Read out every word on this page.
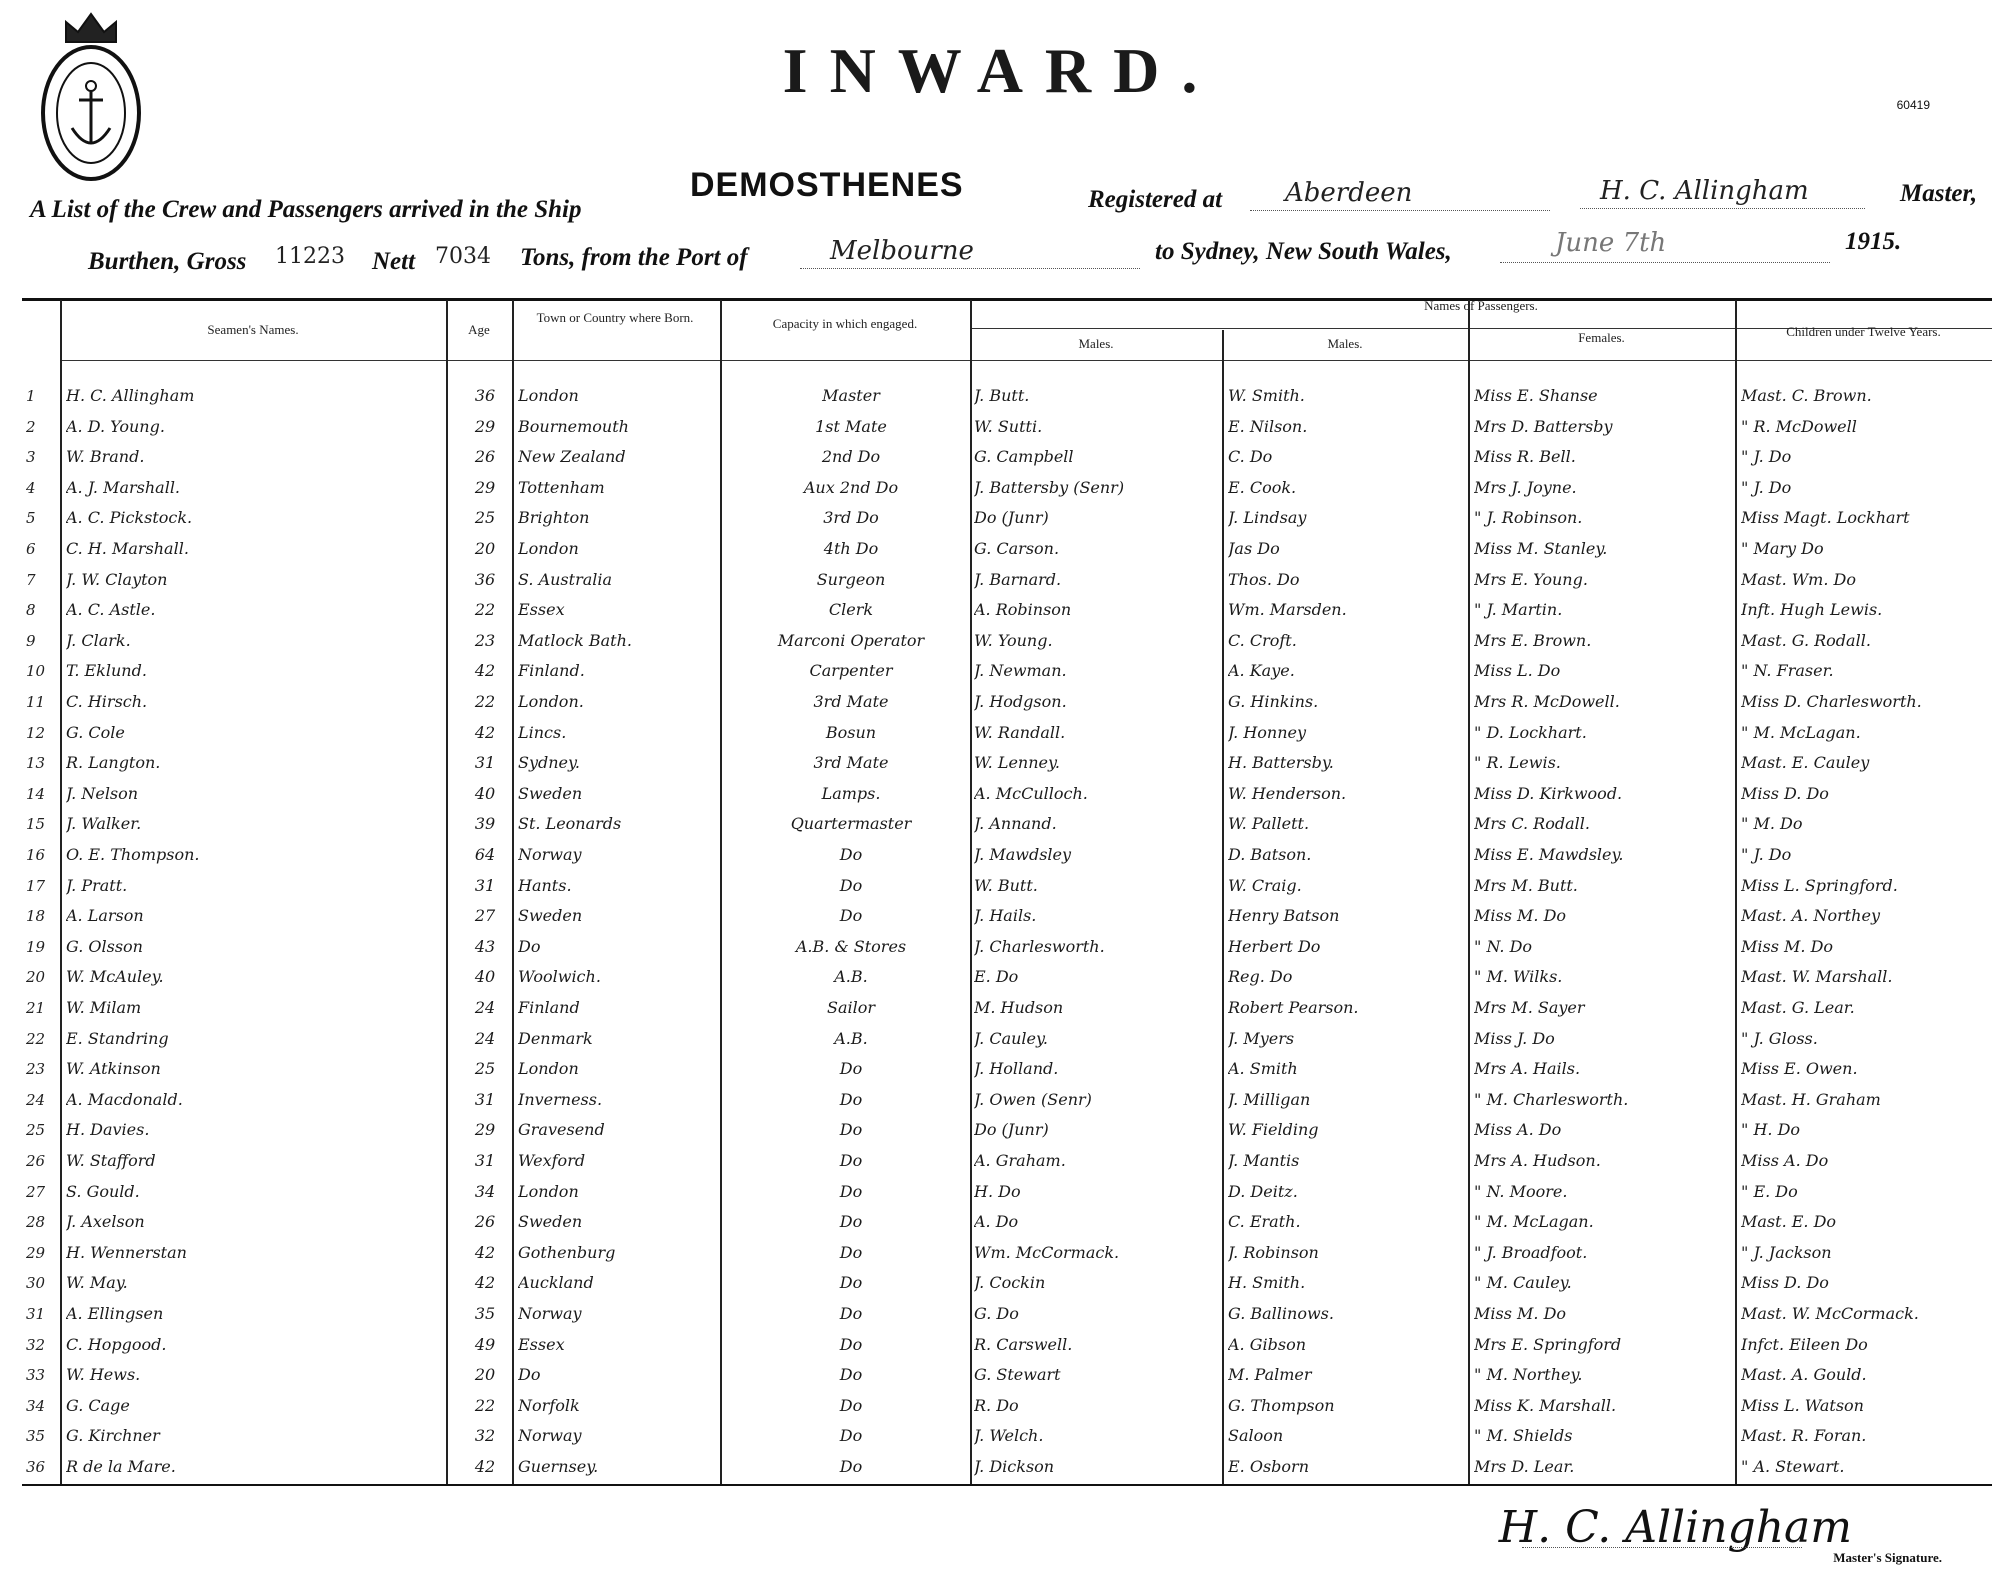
INWARD.	60419
A List of the Crew and Passengers arrived in the Ship
DEMOSTHENES	Registered at Aberdeen	H. C. Allingham	Master,
Burthen, Gross 11223 Nett 7034 Tons, from the Port of	Melbourne	to Sydney, New South Wales,	June 7th	1915.
Seamen's Names.	Age
Town or Country where Born.	Capacity in which engaged.
Names of Passengers.
Males.	Males.	Females.	Children under Twelve Years.
1	H. C. Allingham	36	London	Master	J. Butt.	W. Smith.	Miss E. Shanse	Mast. C. Brown.
2	A. D. Young.	29	Bournemouth	1st Mate	W. Sutti.	E. Nilson.	Mrs D. Battersby	" R. McDowell
3	W. Brand.	26	New Zealand	2nd Do	G. Campbell	C. Do	Miss R. Bell.	" J. Do
4	A. J. Marshall.	29	Tottenham	Aux 2nd Do	J. Battersby (Senr)	E. Cook.	Mrs J. Joyne.	" J. Do
5	A. C. Pickstock.	25	Brighton	3rd Do	Do (Junr)	J. Lindsay	" J. Robinson.	Miss Magt. Lockhart
6	C. H. Marshall.	20	London	4th Do	G. Carson.	Jas Do	Miss M. Stanley.	" Mary Do
7	J. W. Clayton	36	S. Australia	Surgeon	J. Barnard.	Thos. Do	Mrs E. Young.	Mast. Wm. Do
8	A. C. Astle.	22	Essex	Clerk	A. Robinson	Wm. Marsden.	" J. Martin.	Inft. Hugh Lewis.
9	J. Clark.	23	Matlock Bath.	Marconi Operator	W. Young.	C. Croft.	Mrs E. Brown.	Mast. G. Rodall.
10	T. Eklund.	42	Finland.	Carpenter	J. Newman.	A. Kaye.	Miss L. Do	" N. Fraser.
11	C. Hirsch.	22	London.	3rd Mate	J. Hodgson.	G. Hinkins.	Mrs R. McDowell.	Miss D. Charlesworth.
12	G. Cole	42	Lincs.	Bosun	W. Randall.	J. Honney	" D. Lockhart.	" M. McLagan.
13	R. Langton.	31	Sydney.	3rd Mate	W. Lenney.	H. Battersby.	" R. Lewis.	Mast. E. Cauley
14	J. Nelson	40	Sweden	Lamps.	A. McCulloch.	W. Henderson.	Miss D. Kirkwood.	Miss D. Do
15	J. Walker.	39	St. Leonards	Quartermaster	J. Annand.	W. Pallett.	Mrs C. Rodall.	" M. Do
16	O. E. Thompson.	64	Norway	Do	J. Mawdsley	D. Batson.	Miss E. Mawdsley.	" J. Do
17	J. Pratt.	31	Hants.	Do	W. Butt.	W. Craig.	Mrs M. Butt.	Miss L. Springford.
18	A. Larson	27	Sweden	Do	J. Hails.	Henry Batson	Miss M. Do	Mast. A. Northey
19	G. Olsson	43	Do	A.B. & Stores	J. Charlesworth.	Herbert Do	" N. Do	Miss M. Do
20	W. McAuley.	40	Woolwich.	A.B.	E. Do	Reg. Do	" M. Wilks.	Mast. W. Marshall.
21	W. Milam	24	Finland	Sailor	M. Hudson	Robert Pearson.	Mrs M. Sayer	Mast. G. Lear.
22	E. Standring	24	Denmark	A.B.	J. Cauley.	J. Myers	Miss J. Do	" J. Gloss.
23	W. Atkinson	25	London	Do	J. Holland.	A. Smith	Mrs A. Hails.	Miss E. Owen.
24	A. Macdonald.	31	Inverness.	Do	J. Owen (Senr)	J. Milligan	" M. Charlesworth.	Mast. H. Graham
25	H. Davies.	29	Gravesend	Do	Do (Junr)	W. Fielding	Miss A. Do	" H. Do
26	W. Stafford	31	Wexford	Do	A. Graham.	J. Mantis	Mrs A. Hudson.	Miss A. Do
27	S. Gould.	34	London	Do	H. Do	D. Deitz.	" N. Moore.	" E. Do
28	J. Axelson	26	Sweden	Do	A. Do	C. Erath.	" M. McLagan.	Mast. E. Do
29	H. Wennerstan	42	Gothenburg	Do	Wm. McCormack.	J. Robinson	" J. Broadfoot.	" J. Jackson
30	W. May.	42	Auckland	Do	J. Cockin	H. Smith.	" M. Cauley.	Miss D. Do
31	A. Ellingsen	35	Norway	Do	G. Do	G. Ballinows.	Miss M. Do	Mast. W. McCormack.
32	C. Hopgood.	49	Essex	Do	R. Carswell.	A. Gibson	Mrs E. Springford	Infct. Eileen Do
33	W. Hews.	20	Do	Do	G. Stewart	M. Palmer	" M. Northey.	Mast. A. Gould.
34	G. Cage	22	Norfolk	Do	R. Do	G. Thompson	Miss K. Marshall.	Miss L. Watson
35	G. Kirchner	32	Norway	Do	J. Welch.	Saloon	" M. Shields	Mast. R. Foran.
36	R de la Mare.	42	Guernsey.	Do	J. Dickson	E. Osborn	Mrs D. Lear.	" A. Stewart.
H. C. Allingham
Master's Signature.
